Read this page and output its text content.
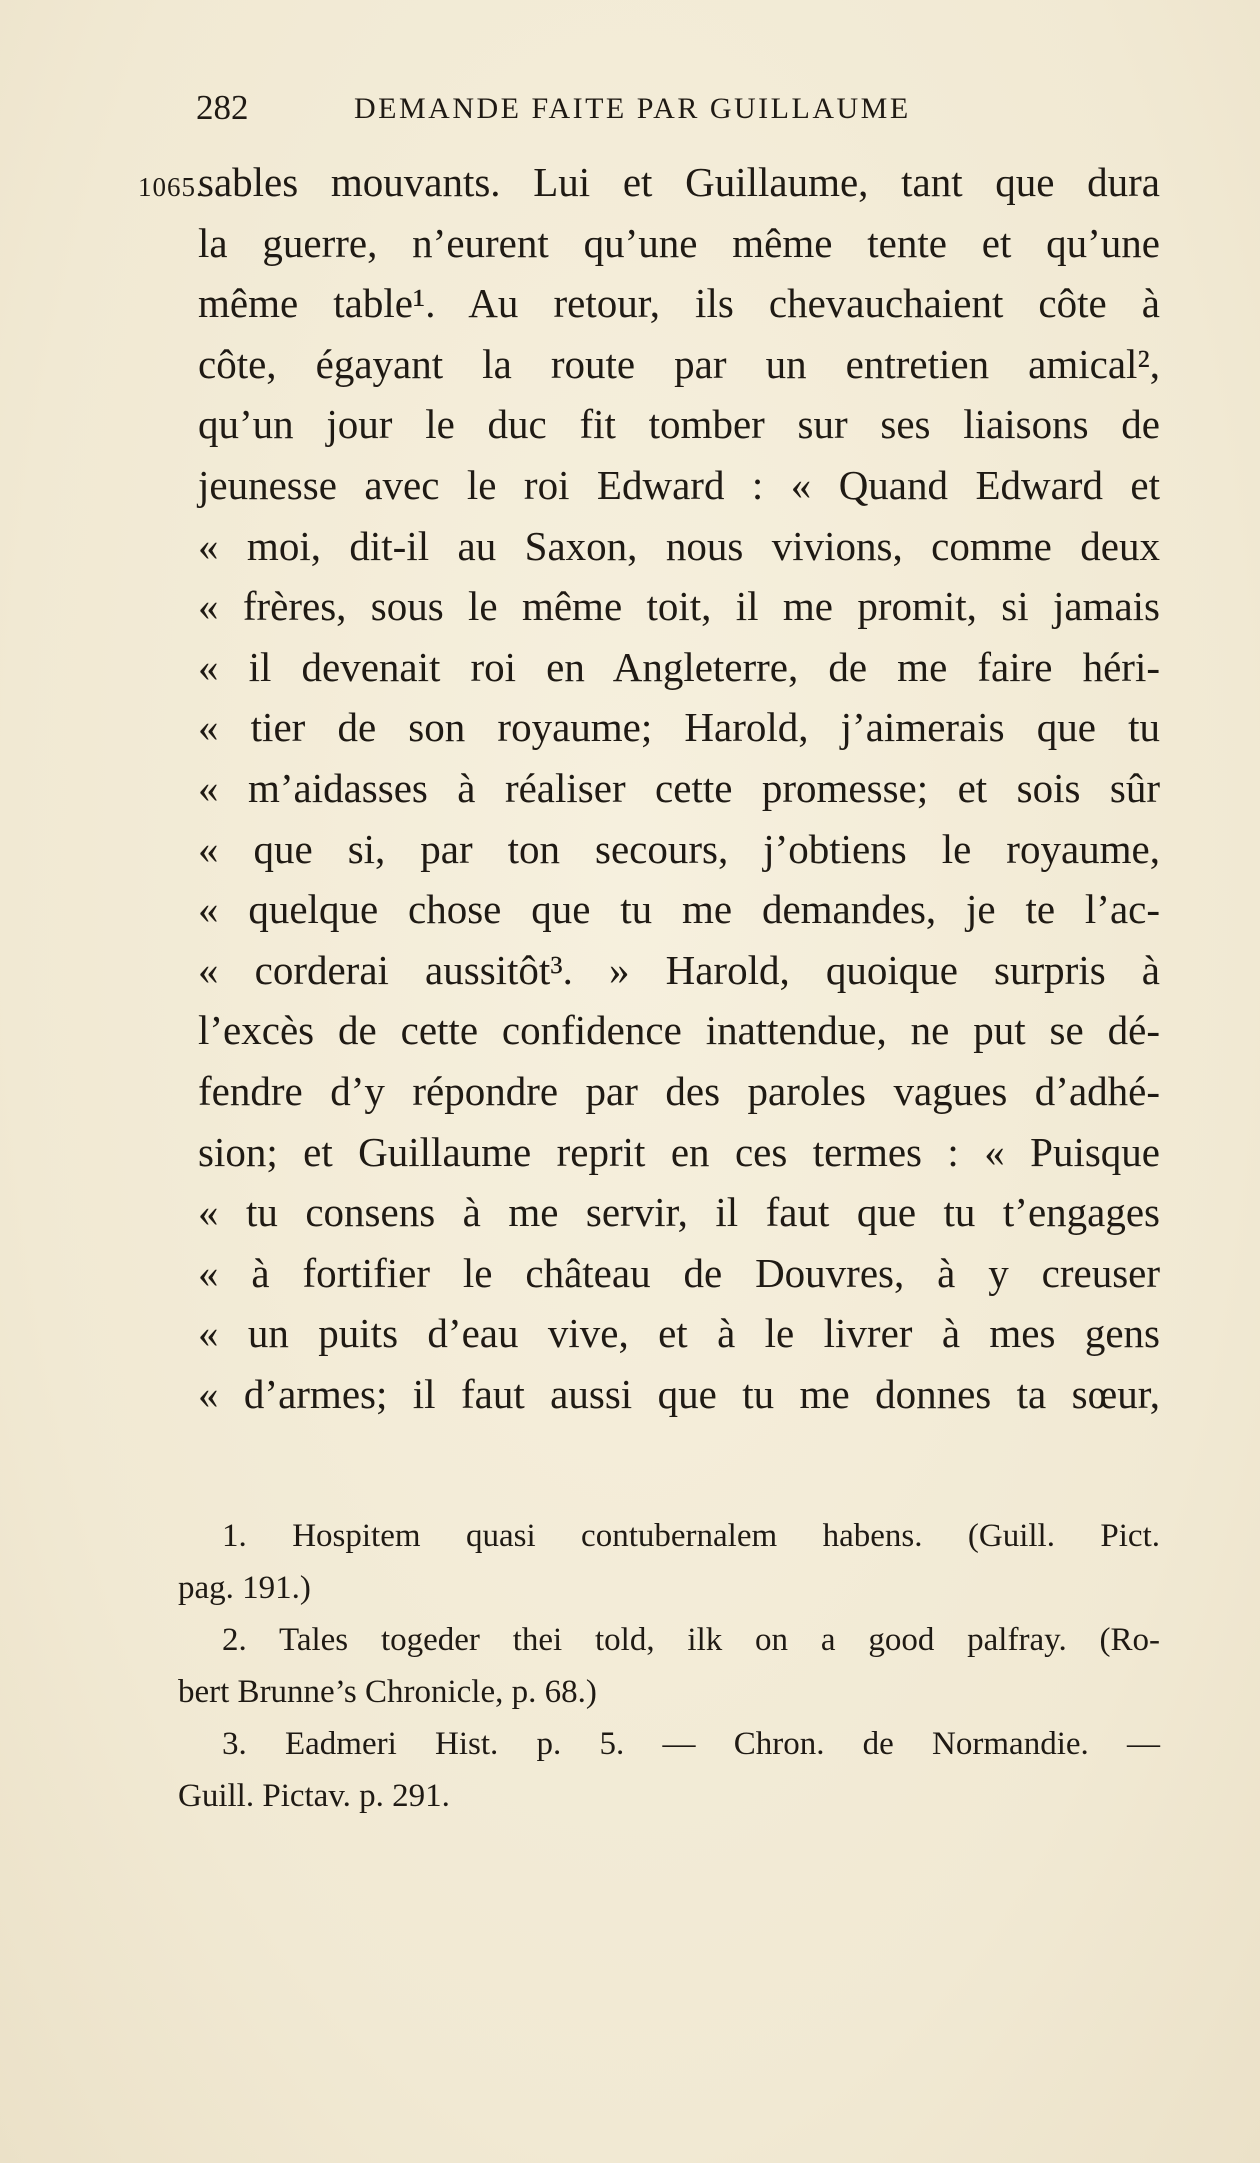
282	DEMANDE FAITE PAR GUILLAUME
1065.
sables mouvants. Lui et Guillaume, tant que dura
la guerre, n’eurent qu’une même tente et qu’une
même table¹. Au retour, ils chevauchaient côte à
côte, égayant la route par un entretien amical²,
qu’un jour le duc fit tomber sur ses liaisons de
jeunesse avec le roi Edward : « Quand Edward et
« moi, dit-il au Saxon, nous vivions, comme deux
« frères, sous le même toit, il me promit, si jamais
« il devenait roi en Angleterre, de me faire héri-
« tier de son royaume; Harold, j’aimerais que tu
« m’aidasses à réaliser cette promesse; et sois sûr
« que si, par ton secours, j’obtiens le royaume,
« quelque chose que tu me demandes, je te l’ac-
« corderai aussitôt³. » Harold, quoique surpris à
l’excès de cette confidence inattendue, ne put se dé-
fendre d’y répondre par des paroles vagues d’adhé-
sion; et Guillaume reprit en ces termes : « Puisque
« tu consens à me servir, il faut que tu t’engages
« à fortifier le château de Douvres, à y creuser
« un puits d’eau vive, et à le livrer à mes gens
« d’armes; il faut aussi que tu me donnes ta sœur,
1. Hospitem quasi contubernalem habens. (Guill. Pict.
pag. 191.)
2. Tales togeder thei told, ilk on a good palfray. (Ro-
bert Brunne’s Chronicle, p. 68.)
3. Eadmeri Hist. p. 5. — Chron. de Normandie. —
Guill. Pictav. p. 291.
